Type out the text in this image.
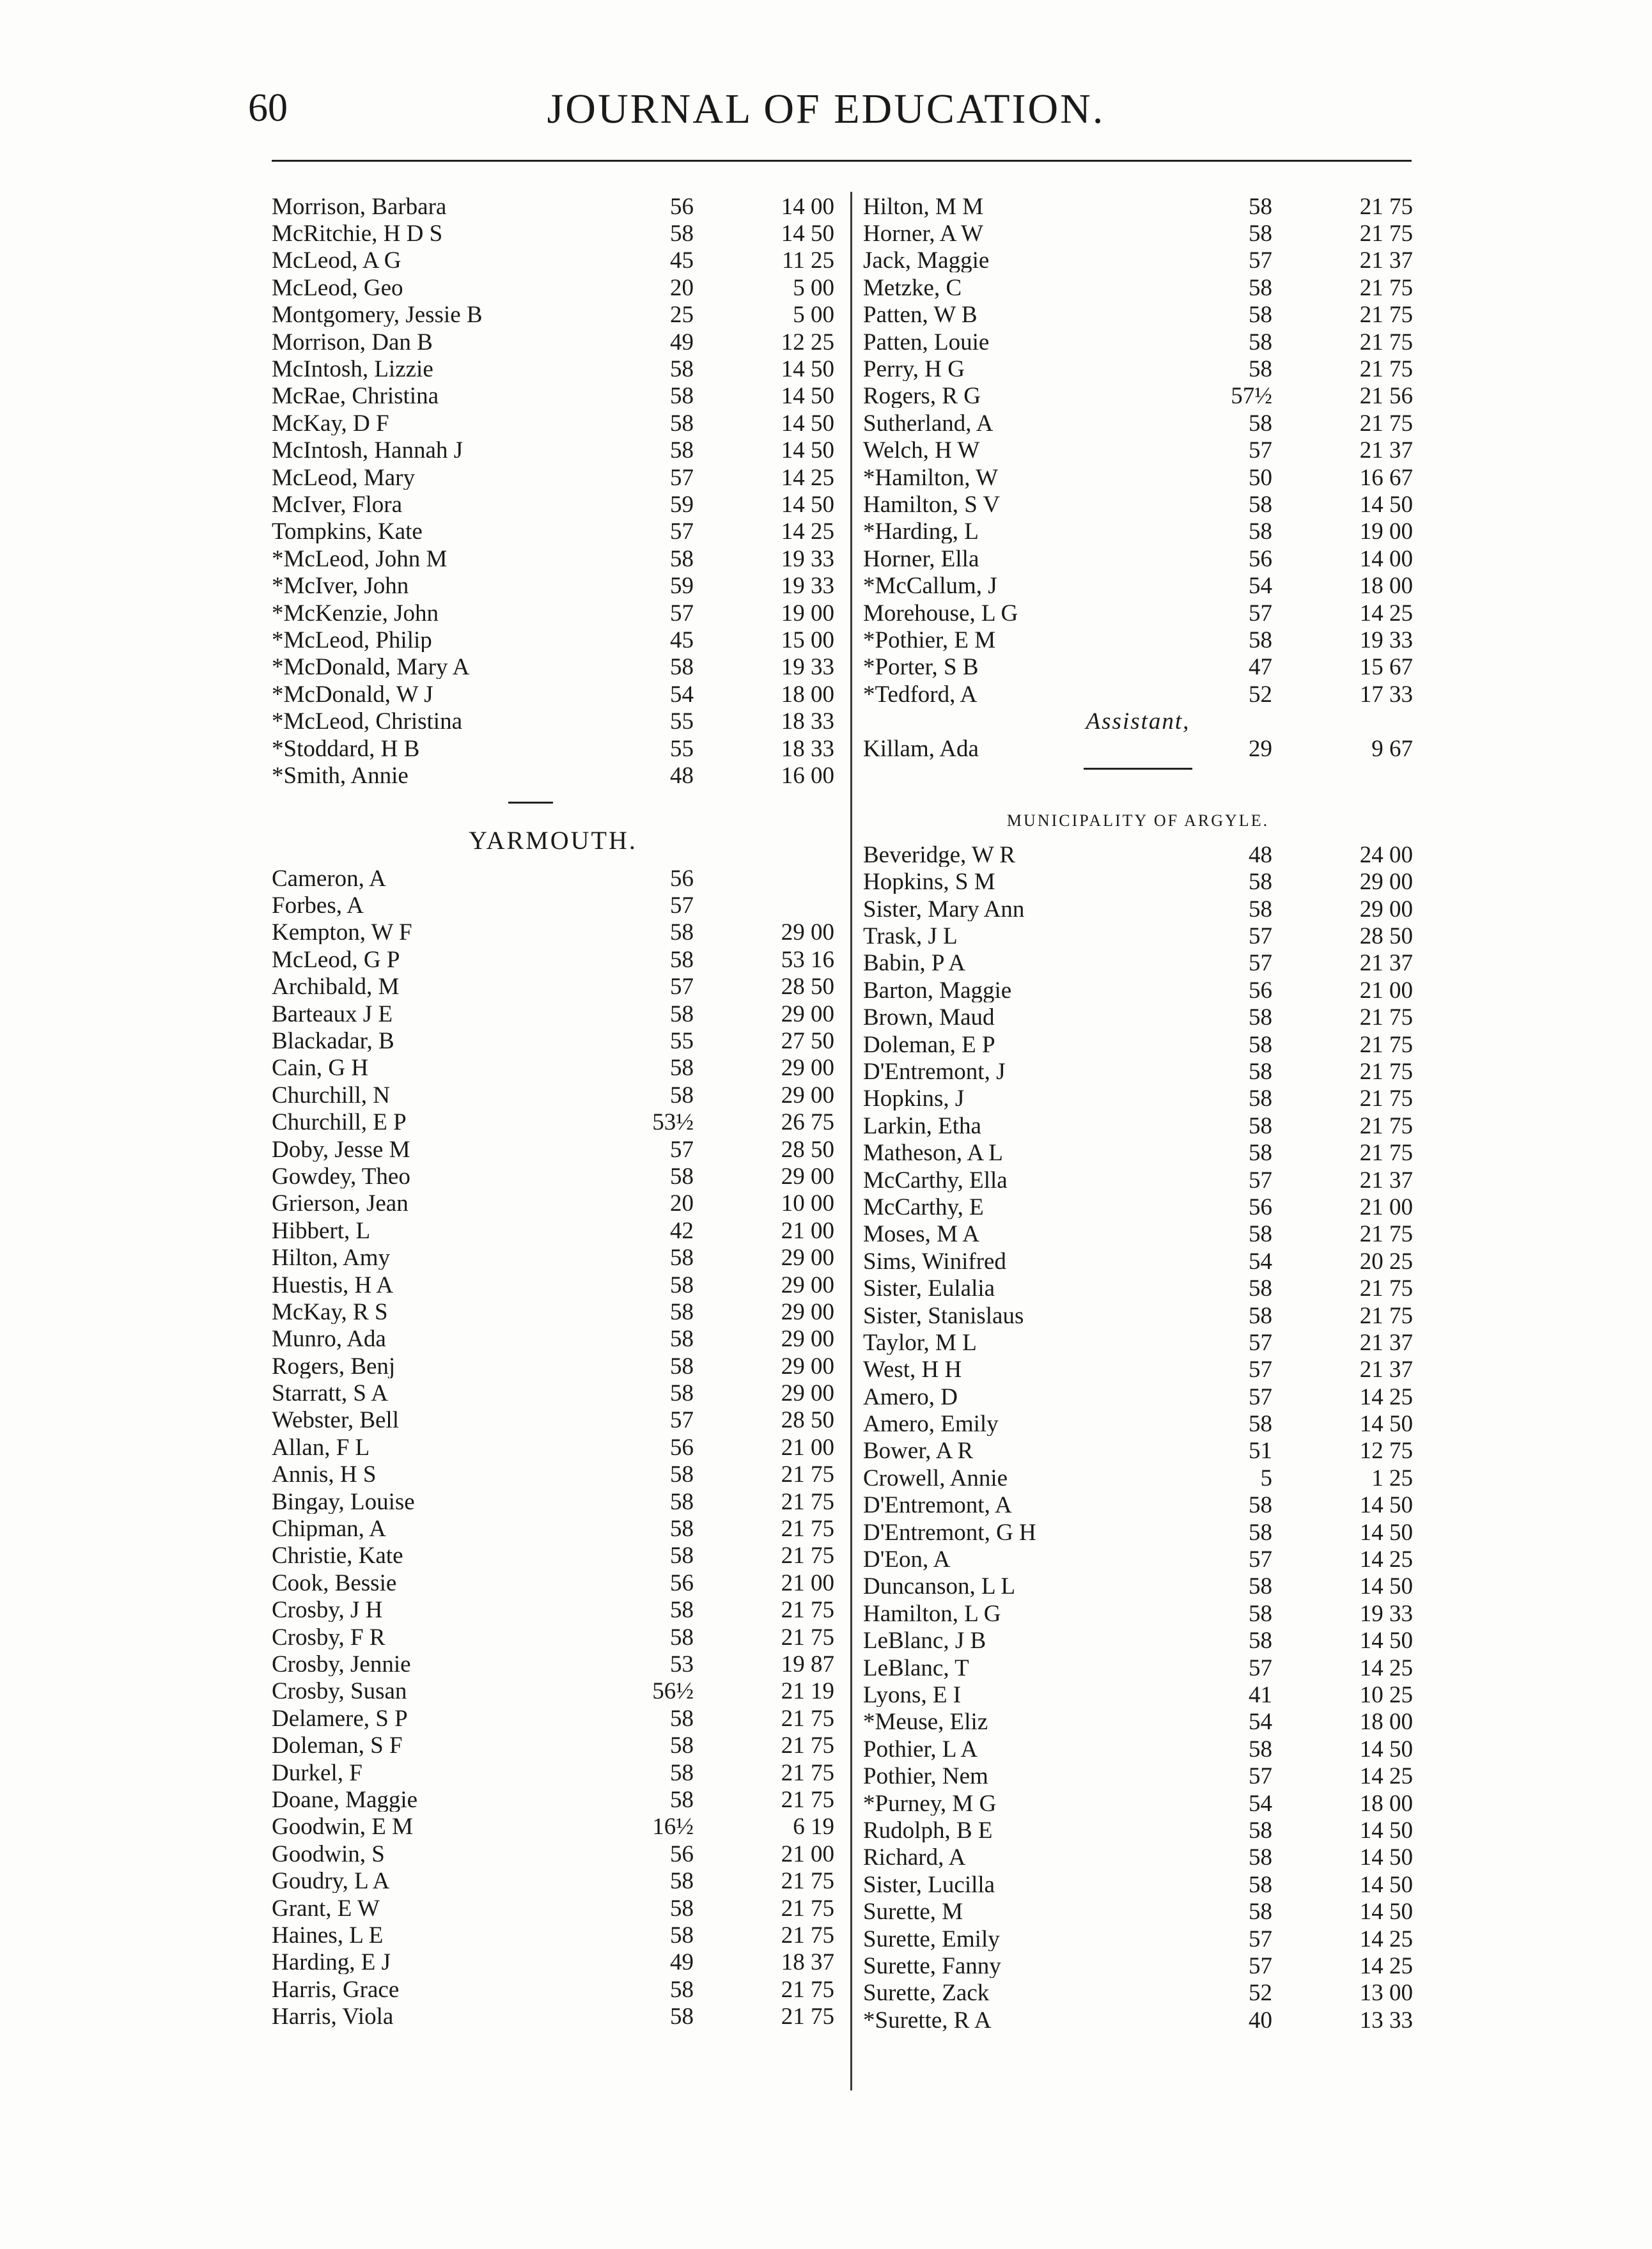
60	JOURNAL OF EDUCATION.
Morrison, Barbara	56	14 00
McRitchie, H D S	58	14 50
McLeod, A G	45	11 25
McLeod, Geo	20	5 00
Montgomery, Jessie B	25	5 00
Morrison, Dan B	49	12 25
McIntosh, Lizzie	58	14 50
McRae, Christina	58	14 50
McKay, D F	58	14 50
McIntosh, Hannah J	58	14 50
McLeod, Mary	57	14 25
McIver, Flora	59	14 50
Tompkins, Kate	57	14 25
*McLeod, John M	58	19 33
*McIver, John	59	19 33
*McKenzie, John	57	19 00
*McLeod, Philip	45	15 00
*McDonald, Mary A	58	19 33
*McDonald, W J	54	18 00
*McLeod, Christina	55	18 33
*Stoddard, H B	55	18 33
*Smith, Annie	48	16 00
YARMOUTH.
Cameron, A	56
Forbes, A	57
Kempton, W F	58	29 00
McLeod, G P	58	53 16
Archibald, M	57	28 50
Barteaux J E	58	29 00
Blackadar, B	55	27 50
Cain, G H	58	29 00
Churchill, N	58	29 00
Churchill, E P	53½	26 75
Doby, Jesse M	57	28 50
Gowdey, Theo	58	29 00
Grierson, Jean	20	10 00
Hibbert, L	42	21 00
Hilton, Amy	58	29 00
Huestis, H A	58	29 00
McKay, R S	58	29 00
Munro, Ada	58	29 00
Rogers, Benj	58	29 00
Starratt, S A	58	29 00
Webster, Bell	57	28 50
Allan, F L	56	21 00
Annis, H S	58	21 75
Bingay, Louise	58	21 75
Chipman, A	58	21 75
Christie, Kate	58	21 75
Cook, Bessie	56	21 00
Crosby, J H	58	21 75
Crosby, F R	58	21 75
Crosby, Jennie	53	19 87
Crosby, Susan	56½	21 19
Delamere, S P	58	21 75
Doleman, S F	58	21 75
Durkel, F	58	21 75
Doane, Maggie	58	21 75
Goodwin, E M	16½	6 19
Goodwin, S	56	21 00
Goudry, L A	58	21 75
Grant, E W	58	21 75
Haines, L E	58	21 75
Harding, E J	49	18 37
Harris, Grace	58	21 75
Harris, Viola	58	21 75
Hilton, M M	58	21 75
Horner, A W	58	21 75
Jack, Maggie	57	21 37
Metzke, C	58	21 75
Patten, W B	58	21 75
Patten, Louie	58	21 75
Perry, H G	58	21 75
Rogers, R G	57½	21 56
Sutherland, A	58	21 75
Welch, H W	57	21 37
*Hamilton, W	50	16 67
Hamilton, S V	58	14 50
*Harding, L	58	19 00
Horner, Ella	56	14 00
*McCallum, J	54	18 00
Morehouse, L G	57	14 25
*Pothier, E M	58	19 33
*Porter, S B	47	15 67
*Tedford, A	52	17 33
Assistant,
Killam, Ada	29	9 67
MUNICIPALITY OF ARGYLE.
Beveridge, W R	48	24 00
Hopkins, S M	58	29 00
Sister, Mary Ann	58	29 00
Trask, J L	57	28 50
Babin, P A	57	21 37
Barton, Maggie	56	21 00
Brown, Maud	58	21 75
Doleman, E P	58	21 75
D'Entremont, J	58	21 75
Hopkins, J	58	21 75
Larkin, Etha	58	21 75
Matheson, A L	58	21 75
McCarthy, Ella	57	21 37
McCarthy, E	56	21 00
Moses, M A	58	21 75
Sims, Winifred	54	20 25
Sister, Eulalia	58	21 75
Sister, Stanislaus	58	21 75
Taylor, M L	57	21 37
West, H H	57	21 37
Amero, D	57	14 25
Amero, Emily	58	14 50
Bower, A R	51	12 75
Crowell, Annie	5	1 25
D'Entremont, A	58	14 50
D'Entremont, G H	58	14 50
D'Eon, A	57	14 25
Duncanson, L L	58	14 50
Hamilton, L G	58	19 33
LeBlanc, J B	58	14 50
LeBlanc, T	57	14 25
Lyons, E I	41	10 25
*Meuse, Eliz	54	18 00
Pothier, L A	58	14 50
Pothier, Nem	57	14 25
*Purney, M G	54	18 00
Rudolph, B E	58	14 50
Richard, A	58	14 50
Sister, Lucilla	58	14 50
Surette, M	58	14 50
Surette, Emily	57	14 25
Surette, Fanny	57	14 25
Surette, Zack	52	13 00
*Surette, R A	40	13 33
